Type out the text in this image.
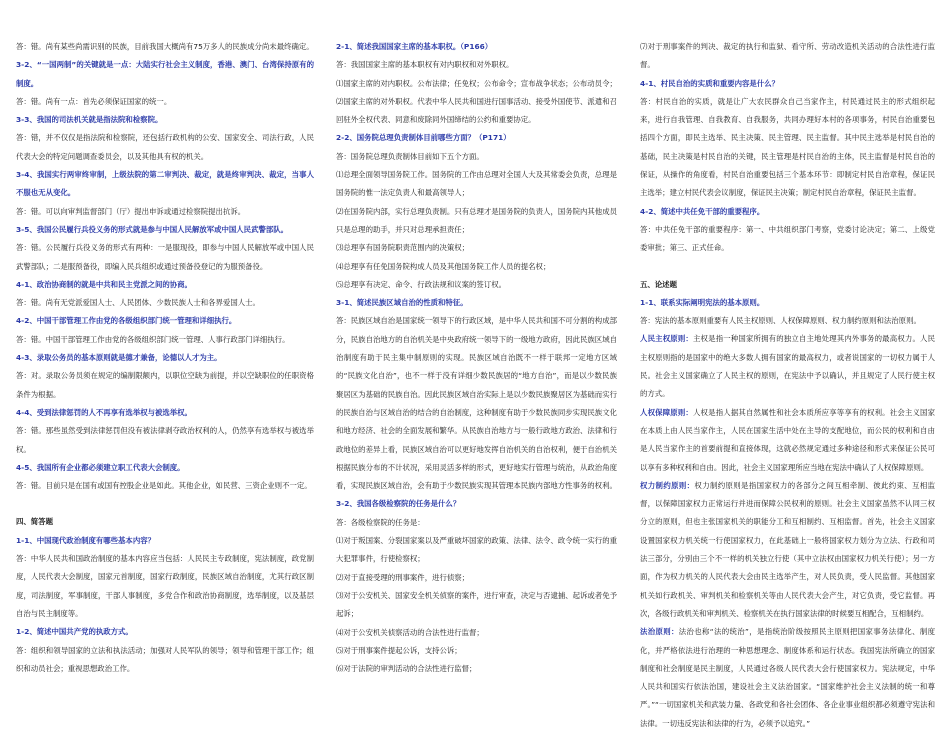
答：错。尚有某些尚需识别的民族，目前我国大概尚有75万多人的民族成分尚未最终确定。

3-2、“一国两制”的关键就是一点：大陆实行社会主义制度，香港、澳门、台湾保持原有的制度。

答：错。尚有一点：首先必须保证国家的统一。

3-3、我国的司法机关就是指法院和检察院。

答：错，并不仅仅是指法院和检察院，还包括行政机构的公安、国家安全、司法行政，人民代表大会的特定问题调查委员会，以及其他具有权的机关。

3-4、我国实行两审终审制，上级法院的第二审判决、裁定，就是终审判决、裁定，当事人不服也无从变化。

答：错。可以向审判监督部门（厅）提出申诉或通过检察院提出抗诉。

3-5、我国公民履行兵役义务的形式就是参与中国人民解放军或中国人民武警部队。

答：错。公民履行兵役义务的形式有两种：一是服现役，即参与中国人民解放军或中国人民武警部队；二是服预备役，即编入民兵组织或通过预备役登记的为服预备役。

4-1、政治协商制的就是中共和民主党派之间的协商。

答：错。尚有无党派爱国人士、人民团体、少数民族人士和各界爱国人士。

4-2、中国干部管理工作由党的各级组织部门统一管理和详细执行。

答：错。中国干部管理工作由党的各级组织部门统一管理、人事行政部门详细执行。

4-3、录取公务员的基本原则就是德才兼备，论德以人才为主。

答：对。录取公务员须在规定的编制限额内，以职位空缺为前提，并以空缺职位的任职资格条件为根据。

4-4、受到法律惩罚的人不再享有选举权与被选举权。

答：错。那些虽然受到法律惩罚但没有被法律剥夺政治权利的人，仍然享有选举权与被选举权。

4-5、我国所有企业都必须建立职工代表大会制度。

答：错。目前只是在国有或国有控股企业是如此。其他企业，如民营、三资企业则不一定。

四、简答题

1-1、中国现代政治制度有哪些基本内容？

答：中华人民共和国政治制度的基本内容应当包括：人民民主专政制度，宪法制度，政党制度，人民代表大会制度，国家元首制度，国家行政制度，民族区域自治制度，尤其行政区制度，司法制度，军事制度，干部人事制度，多党合作和政治协商制度，选举制度，以及基层自治与民主制度等。

1-2、简述中国共产党的执政方式。

答：组织和领导国家的立法和执法活动；加强对人民军队的领导；领导和管理干部工作；组织和动员社会；重视思想政治工作。

2-1、简述我国国家主席的基本职权。（P166）

答：我国国家主席的基本职权有对内职权和对外职权。

⑴国家主席的对内职权。公布法律；任免权；公布命令；宣布战争状态；公布动员令；

⑵国家主席的对外职权。代表中华人民共和国进行国事活动、接受外国使节、派遣和召回驻外全权代表、同意和废除同外国缔结的公约和重要协定。

2-2、国务院总理负责制体目前哪些方面？（P171）

答：国务院总理负责制体目前如下五个方面。

⑴总理全面领导国务院工作。国务院的工作由总理对全国人大及其常委会负责，总理是国务院的惟一法定负责人和最高领导人；

⑵在国务院内部，实行总理负责制。只有总理才是国务院的负责人，国务院内其他成员只是总理的助手，并只对总理承担责任；

⑶总理享有国务院职责范围内的决策权；

⑷总理享有任免国务院构成人员及其他国务院工作人员的提名权；

⑸总理享有决定、命令、行政法规和议案的签订权。

3-1、简述民族区域自治的性质和特征。

答：民族区域自治是国家统一领导下的行政区域，是中华人民共和国不可分割的构成部分，民族自治地方的自治机关是中央政府统一领导下的一级地方政府，因此民族区域自治制度有助于民主集中制原则的实现。民族区域自治既不一样于联邦一定地方区域的“民族文化自治”，也不一样于没有详细少数民族居的“地方自治”，而是以少数民族聚居区为基础的民族自治。因此民族区域自治实际上是以少数民族聚居区为基础而实行的民族自治与区域自治的结合的自治制度，这种制度有助于少数民族同步实现民族文化和地方经济、社会的全面发展和繁华。从民族自治地方与一般行政地方政治、法律和行政地位的差异上看，民族区域自治可以更好地发挥自治机关的自治权利，便于自治机关根据民族分布的不计状况，采用灵活多样的形式，更好地实行管理与统治，从政治角度看，实现民族区域自治，会有助于少数民族实现其管理本民族内部地方性事务的权利。

3-2、我国各级检察院的任务是什么？

答：各级检察院的任务是：

⑴对于叛国案、分裂国家案以及严重破坏国家的政策、法律、法令、政令统一实行的重大犯罪事件，行使检察权；

⑵对于直接受理的刑事案件，进行侦察；

⑶对于公安机关、国家安全机关侦察的案件，进行审查，决定与否逮捕、起诉或者免予起诉；

⑷对于公安机关侦察活动的合法性进行监督；

⑸对于刑事案件提起公诉，支持公诉；

⑹对于法院的审判活动的合法性进行监督；

⑺对于刑事案件的判决、裁定的执行和监狱、看守所、劳动改造机关活动的合法性进行监督。

4-1、村民自治的实质和重要内容是什么？

答：村民自治的实质，就是让广大农民群众自己当家作主，村民通过民主的形式组织起来，进行自我管理、自我教育、自我服务，共同办理好本村的各项事务，村民自治重要包括四个方面，即民主选举、民主决策、民主管理、民主监督。其中民主选举是村民自治的基础，民主决策是村民自治的关键，民主管理是村民自治的主体，民主监督是村民自治的保证，从操作的角度看，村民自治重要包括三个基本环节：即制定村民自治章程，保证民主选举；建立村民代表会议制度，保证民主决策；制定村民自治章程，保证民主监督。

4-2、简述中共任免干部的重要程序。

答：中共任免干部的重要程序：第一、中共组织部门考察，党委讨论决定；第二、上级党委审批；第三、正式任命。

五、论述题

1-1、联系实际阐明宪法的基本原则。

答：宪法的基本原则重要有人民主权原则、人权保障原则、权力制约原则和法治原则。

人民主权原则：主权是指一种国家所拥有的独立自主地处理其内外事务的最高权力。人民主权原则指的是国家中的绝大多数人拥有国家的最高权力，或者说国家的一切权力属于人民。社会主义国家确立了人民主权的原则，在宪法中予以确认，并且规定了人民行使主权的方式。

人权保障原则：人权是指人据其自然属性和社会本质所应享等享有的权利。社会主义国家在本质上由人民当家作主，人民在国家生活中处在主导的支配地位，而公民的权利和自由是人民当家作主的首要前提和直接体现，这就必然规定通过多种途径和形式来保证公民可以享有多种权利和自由。因此，社会主义国家理所应当地在宪法中确认了人权保障原则。

权力制约原则：权力制约原则是指国家权力的各部分之间互相牵制、彼此约束、互相监督，以保障国家权力正常运行并进而保障公民权利的原则。社会主义国家虽然不认同三权分立的原则，但也主张国家机关的职能分工和互相制约、互相监督。首先，社会主义国家设置国家权力机关统一行使国家权力，在此基础上一般将国家权力划分为立法、行政和司法三部分，分别由三个不一样的机关独立行使（其中立法权由国家权力机关行使）；另一方面，作为权力机关的人民代表大会由民主选举产生，对人民负责，受人民监督。其他国家机关如行政机关、审判机关和检察机关等由人民代表大会产生，对它负责，受它监督。再次，各级行政机关和审判机关、检察机关在执行国家法律的时候要互相配合，互相制约。

法治原则：法治也称“法的统治”，是指统治阶级按照民主原则把国家事务法律化、制度化，并严格依法进行治理的一种思想理念、制度体系和运行状态。我国宪法所确立的国家制度和社会制度是民主制度，人民通过各级人民代表大会行使国家权力。宪法规定，中华人民共和国实行依法治国，建设社会主义法治国家。“国家维护社会主义法制的统一和尊严。”“一切国家机关和武装力量、各政党和各社会团体、各企业事业组织都必须遵守宪法和法律。一切违反宪法和法律的行为，必须予以追究。”
